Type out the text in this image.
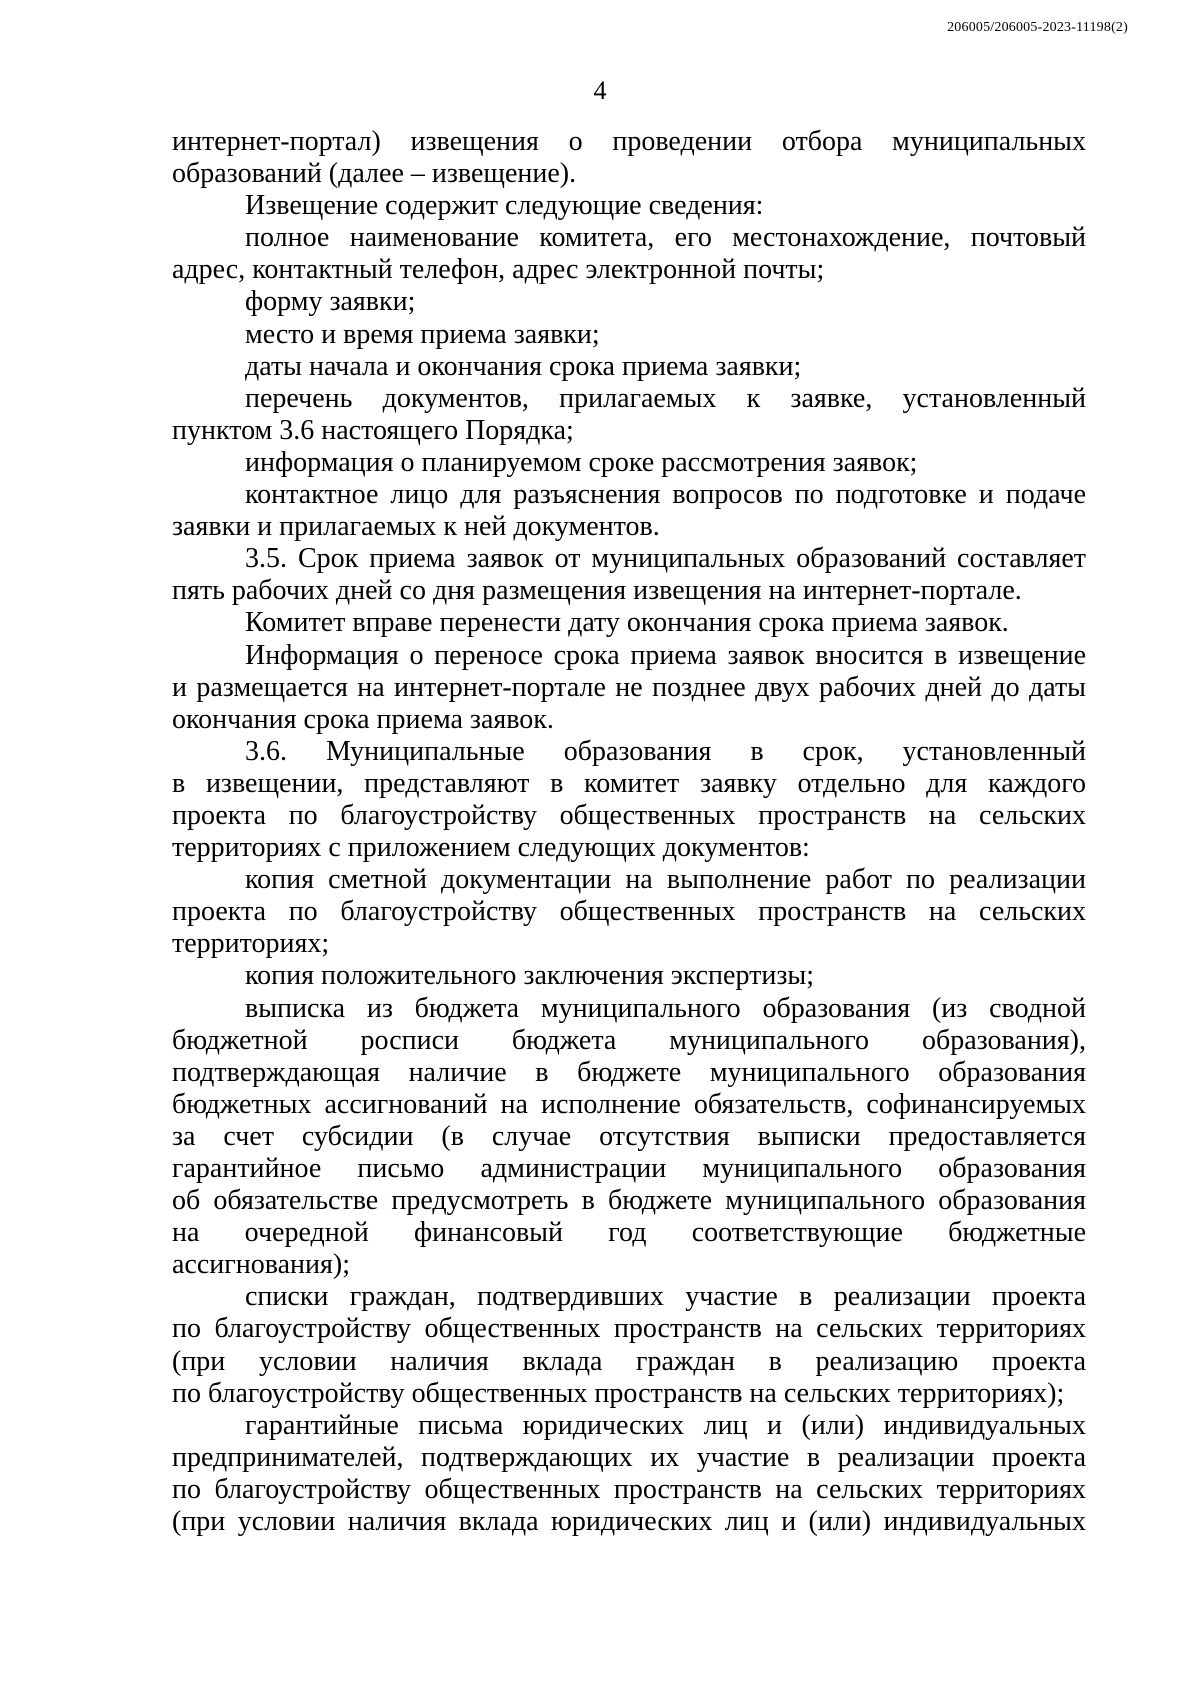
206005/206005-2023-11198(2)
4
интернет-портал) извещения о проведении отбора муниципальных
образований (далее – извещение).
Извещение содержит следующие сведения:
полное наименование комитета, его местонахождение, почтовый
адрес, контактный телефон, адрес электронной почты;
форму заявки;
место и время приема заявки;
даты начала и окончания срока приема заявки;
перечень документов, прилагаемых к заявке, установленный
пунктом 3.6 настоящего Порядка;
информация о планируемом сроке рассмотрения заявок;
контактное лицо для разъяснения вопросов по подготовке и подаче
заявки и прилагаемых к ней документов.
3.5. Срок приема заявок от муниципальных образований составляет
пять рабочих дней со дня размещения извещения на интернет-портале.
Комитет вправе перенести дату окончания срока приема заявок.
Информация о переносе срока приема заявок вносится в извещение
и размещается на интернет-портале не позднее двух рабочих дней до даты
окончания срока приема заявок.
3.6. Муниципальные образования в срок, установленный
в извещении, представляют в комитет заявку отдельно для каждого
проекта по благоустройству общественных пространств на сельских
территориях с приложением следующих документов:
копия сметной документации на выполнение работ по реализации
проекта по благоустройству общественных пространств на сельских
территориях;
копия положительного заключения экспертизы;
выписка из бюджета муниципального образования (из сводной
бюджетной росписи бюджета муниципального образования),
подтверждающая наличие в бюджете муниципального образования
бюджетных ассигнований на исполнение обязательств, софинансируемых
за счет субсидии (в случае отсутствия выписки предоставляется
гарантийное письмо администрации муниципального образования
об обязательстве предусмотреть в бюджете муниципального образования
на очередной финансовый год соответствующие бюджетные
ассигнования);
списки граждан, подтвердивших участие в реализации проекта
по благоустройству общественных пространств на сельских территориях
(при условии наличия вклада граждан в реализацию проекта
по благоустройству общественных пространств на сельских территориях);
гарантийные письма юридических лиц и (или) индивидуальных
предпринимателей, подтверждающих их участие в реализации проекта
по благоустройству общественных пространств на сельских территориях
(при условии наличия вклада юридических лиц и (или) индивидуальных
